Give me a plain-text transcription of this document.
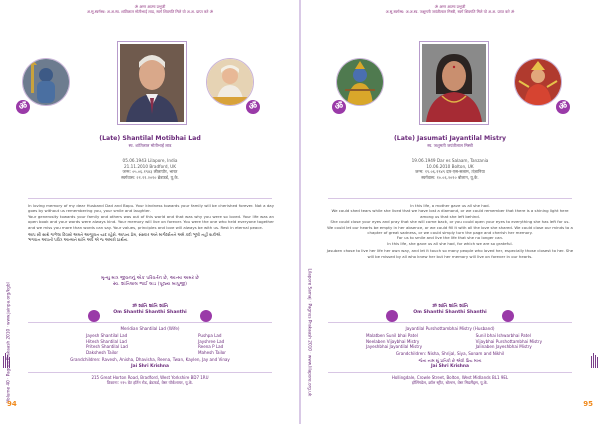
Volume 40 · Pagnus Prakaash 2010 · www.jainpa.org/kgbl
94
ॐ अमर आत्मा प्रभुजी
अ.सु.स्वर्गस्थ: अ.अ.स्व. शांतिलाल मोतीभाई लाड, स्वर्ग शिवगति मिले यो अ.अ. प्राप्त करे ॐ
ॐ	ॐ
(Late) Shantilal Motibhai Lad
स्व. शांतिलाल मोतीभाई लाड
05.06.1943 Lilapore, India
21.11.2010 Bradford, UK
जन्म: ०५.०६.१९४३ लीलापोर, भारत
स्वर्गवास: २१.११.२०१० ब्रेडफर्ड, यू.के.
In loving memory of my dear Husband Dad and Bapu. Your kindness towards your family will be cherished forever. Not a day goes by without us remembering you, your smile and laughter.
Your generosity towards your family and others was out of this world and that was why you were so loved. Your life was an open book and your words were always kind. Your memory will live on forever. You were the one who held everyone together and we miss you more than words can say. Your values, principles and love will always be with us. Rest in eternal peace.
આપ સૌ સાથે ગાળેલા દિવસો અમને આજીવન યાદ રહેશે. આપના પ્રેમ, સંસ્કાર અને માર્ગદર્શનને અમે કદી ભૂલી નહીં શકીએ.
ભગવાન આપની પવિત્ર આત્માને શાંતિ અર્પે એ જ અમારી પ્રાર્થના.
મૃત્યુ માત્ર જીવનનું એક પરિવર્તન છે, આત્મા અમર છે
સ્વ. શાંતિલાલ ભાઈ લાડ (પૂજ્ય બાપુજી)
ૐ શાંતિ શાંતિ શાંતિ
Om Shanthi Shanthi Shanthi
Meridian Shantilal Lad (Wife)
Jayesh Shantilal Lad
Hitesh Shantilal Lad
Pritesh Shantilal Lad
Dakshesh Tailor
Pushpa Lad
Jayshree Lad
Reena P Lad
Mahesh Tailor
Grandchildren: Ravesh, Anisha, Dhavisha, Reena, Twan, Kaylen, Jay and Vinay
Jai Shri Krishna
215 Great Horton Road, Bradford, West Yorkshire BD7 1RU
ठिकाना: २१५ ग्रेट हॉर्टन रोड, ब्रेडफर्ड, वेस्ट यॉर्कशायर, यू.के.	Lilapore Samaj · Pagnus Prakaash 2010 · www.lilapore.org.uk
95
ॐ अमर आत्मा प्रभुजी
अ.सु.स्वर्गस्थ: अ.अ.स्व. जशुमती जयंतीलाल मिस्त्री, स्वर्ग शिवगति मिले यो अ.अ. प्राप्त करे ॐ
ॐ	ॐ
(Late) Jasumati Jayantilal Mistry
स्व. जशुमती जयंतीलाल मिस्त्री
19.06.1949 Dar es Salaam, Tanzania
10.06.2010 Bolton, UK
जन्म: १९.०६.१९४९ दार-एस-सलाम, तंज़ानिया
स्वर्गवास: १०.०६.२०१० बोल्टन, यू.के.
In this life, a mother gave us all she had.
We could shed tears while she lived that we have lost a diamond, or we could remember that there is a shining light here among us that she left behind.
She could close your eyes and pray that she will come back, or you could open your eyes to everything she has left for us.
We could let our hearts be empty in her absence, or we could fill it with all the love she shared. We could close our minds to a chapter of great sadness, or we could simply turn the page and cherish her memory.
For us to smile and live the life that she no longer can.
In this life, she gave us all she had, for which we are so grateful.
Jasuben chose to live her life her own way, and let it touch so many people who loved her, especially those closest to her. She will be missed by all who knew her but her memory will live on forever in our hearts.
ૐ શાંતિ શાંતિ શાંતિ
Om Shanthi Shanthi Shanthi
Jayantilal Purshottambhai Mistry (Husband)
Malatben Sunil bhai Patel
Neelaben Vijaybhai Mistry
Jayeshbhai Jayantilal Mistry
Sunil bhai Ishwarbhai Patel
Vijaybhai Purshottambhai Mistry
Jalinaben Jayeshbhai Mistry
Grandchildren: Nisha, Shrijal, Siya, Sonam and Nikhil
જેના નામ શું પ્રતિકો છે એવી પ્રિય માતા
Jai Shri Krishna
Hollingdale, Crowle Street, Bolton, West Midlands BL1 9EL
हॉलिंगडेल, क्रॉल स्ट्रीट, बोल्टन, वेस्ट मिडलैंड्स, यू.के.
